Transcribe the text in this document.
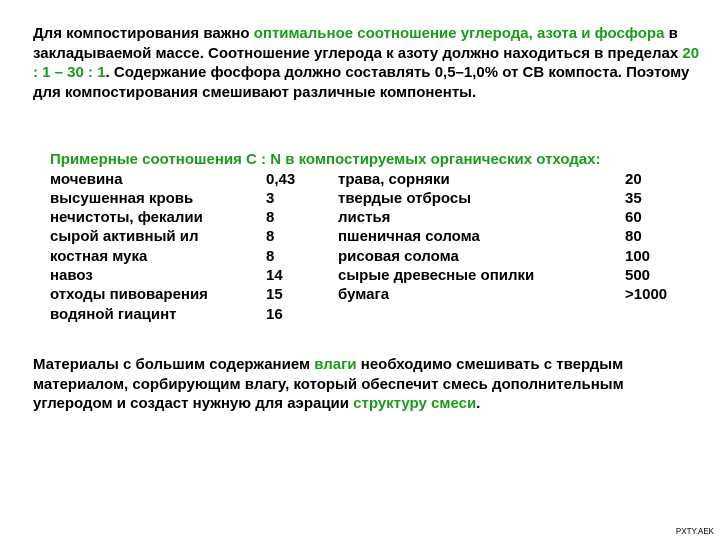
Для компостирования важно оптимальное соотношение углерода, азота и фосфора в закладываемой массе. Соотношение углерода к азоту должно находиться в пределах 20 : 1 – 30 : 1. Содержание фосфора должно составлять 0,5–1,0% от СВ компоста. Поэтому для компостирования смешивают различные компоненты.
Примерные соотношения С : N в компостируемых органических отходах:
мочевина	0,43	трава, сорняки	20
высушенная кровь	3	твердые отбросы	35
нечистоты, фекалии	8	листья	60
сырой активный ил	8	пшеничная солома	80
костная мука	8	рисовая солома	100
навоз	14	сырые древесные опилки	500
отходы пивоварения	15	бумага	>1000
водяной гиацинт	16
Материалы с большим содержанием влаги необходимо смешивать с твердым материалом, сорбирующим влагу, который обеспечит смесь дополнительным углеродом и создаст нужную для аэрации структуру смеси.
PXTY.AEK
